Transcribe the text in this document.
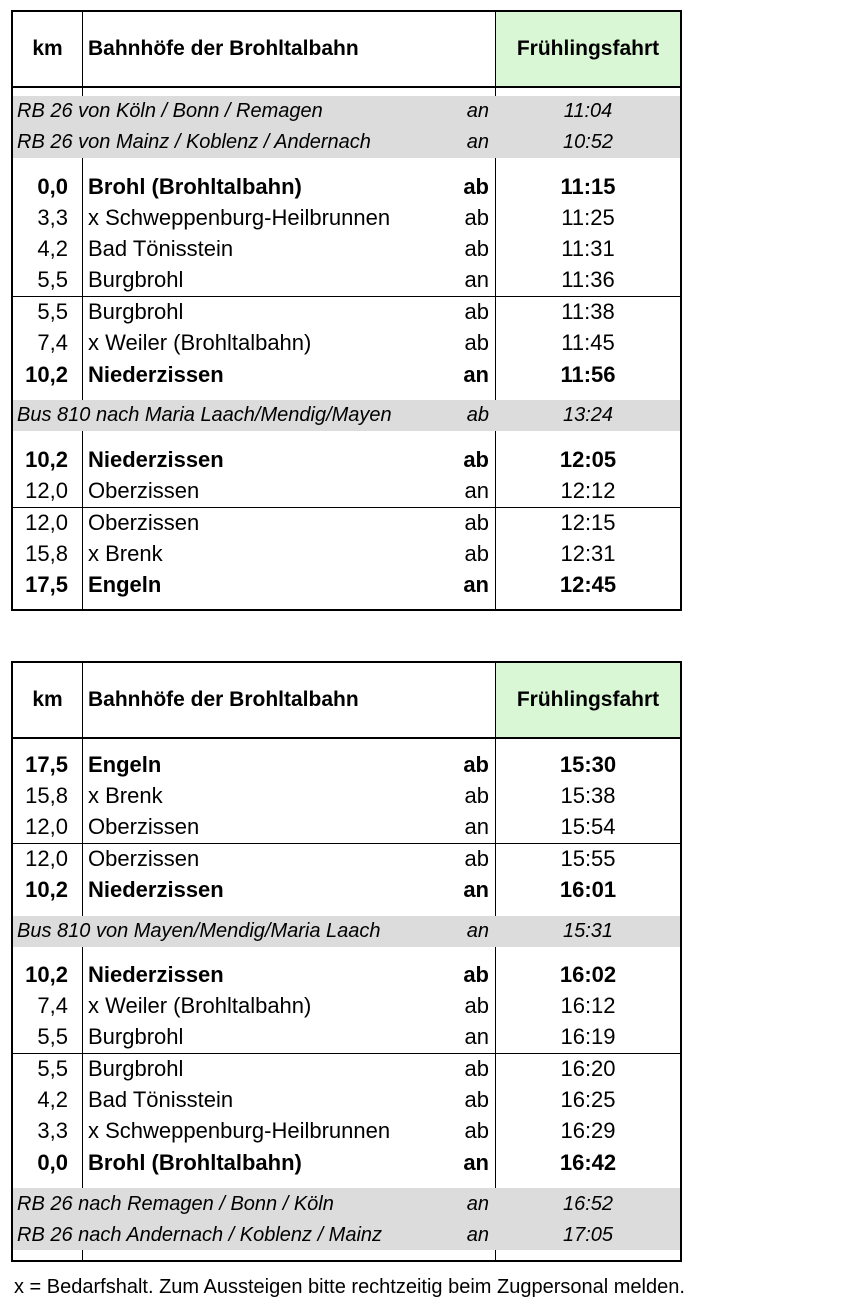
km	Bahnhöfe der Brohltalbahn	Frühlingsfahrt
RB 26 von Köln / Bonn / Remagen	an	11:04
RB 26 von Mainz / Koblenz / Andernach	an	10:52
0,0 Brohl (Brohltalbahn)	ab	11:15
3,3 x Schweppenburg-Heilbrunnen	ab	11:25
4,2 Bad Tönisstein	ab	11:31
5,5 Burgbrohl	an	11:36
5,5 Burgbrohl	ab	11:38
7,4 x Weiler (Brohltalbahn)	ab	11:45
10,2 Niederzissen	an	11:56
Bus 810 nach Maria Laach/Mendig/Mayen	ab	13:24
10,2 Niederzissen	ab	12:05
12,0 Oberzissen	an	12:12
12,0 Oberzissen	ab	12:15
15,8 x Brenk	ab	12:31
17,5 Engeln	an	12:45
km	Bahnhöfe der Brohltalbahn	Frühlingsfahrt
17,5 Engeln	ab	15:30
15,8 x Brenk	ab	15:38
12,0 Oberzissen	an	15:54
12,0 Oberzissen	ab	15:55
10,2 Niederzissen	an	16:01
Bus 810 von Mayen/Mendig/Maria Laach	an	15:31
10,2 Niederzissen	ab	16:02
7,4 x Weiler (Brohltalbahn)	ab	16:12
5,5 Burgbrohl	an	16:19
5,5 Burgbrohl	ab	16:20
4,2 Bad Tönisstein	ab	16:25
3,3 x Schweppenburg-Heilbrunnen	ab	16:29
0,0 Brohl (Brohltalbahn)	an	16:42
RB 26 nach Remagen / Bonn / Köln	an	16:52
RB 26 nach Andernach / Koblenz / Mainz	an	17:05
x = Bedarfshalt. Zum Aussteigen bitte rechtzeitig beim Zugpersonal melden.
